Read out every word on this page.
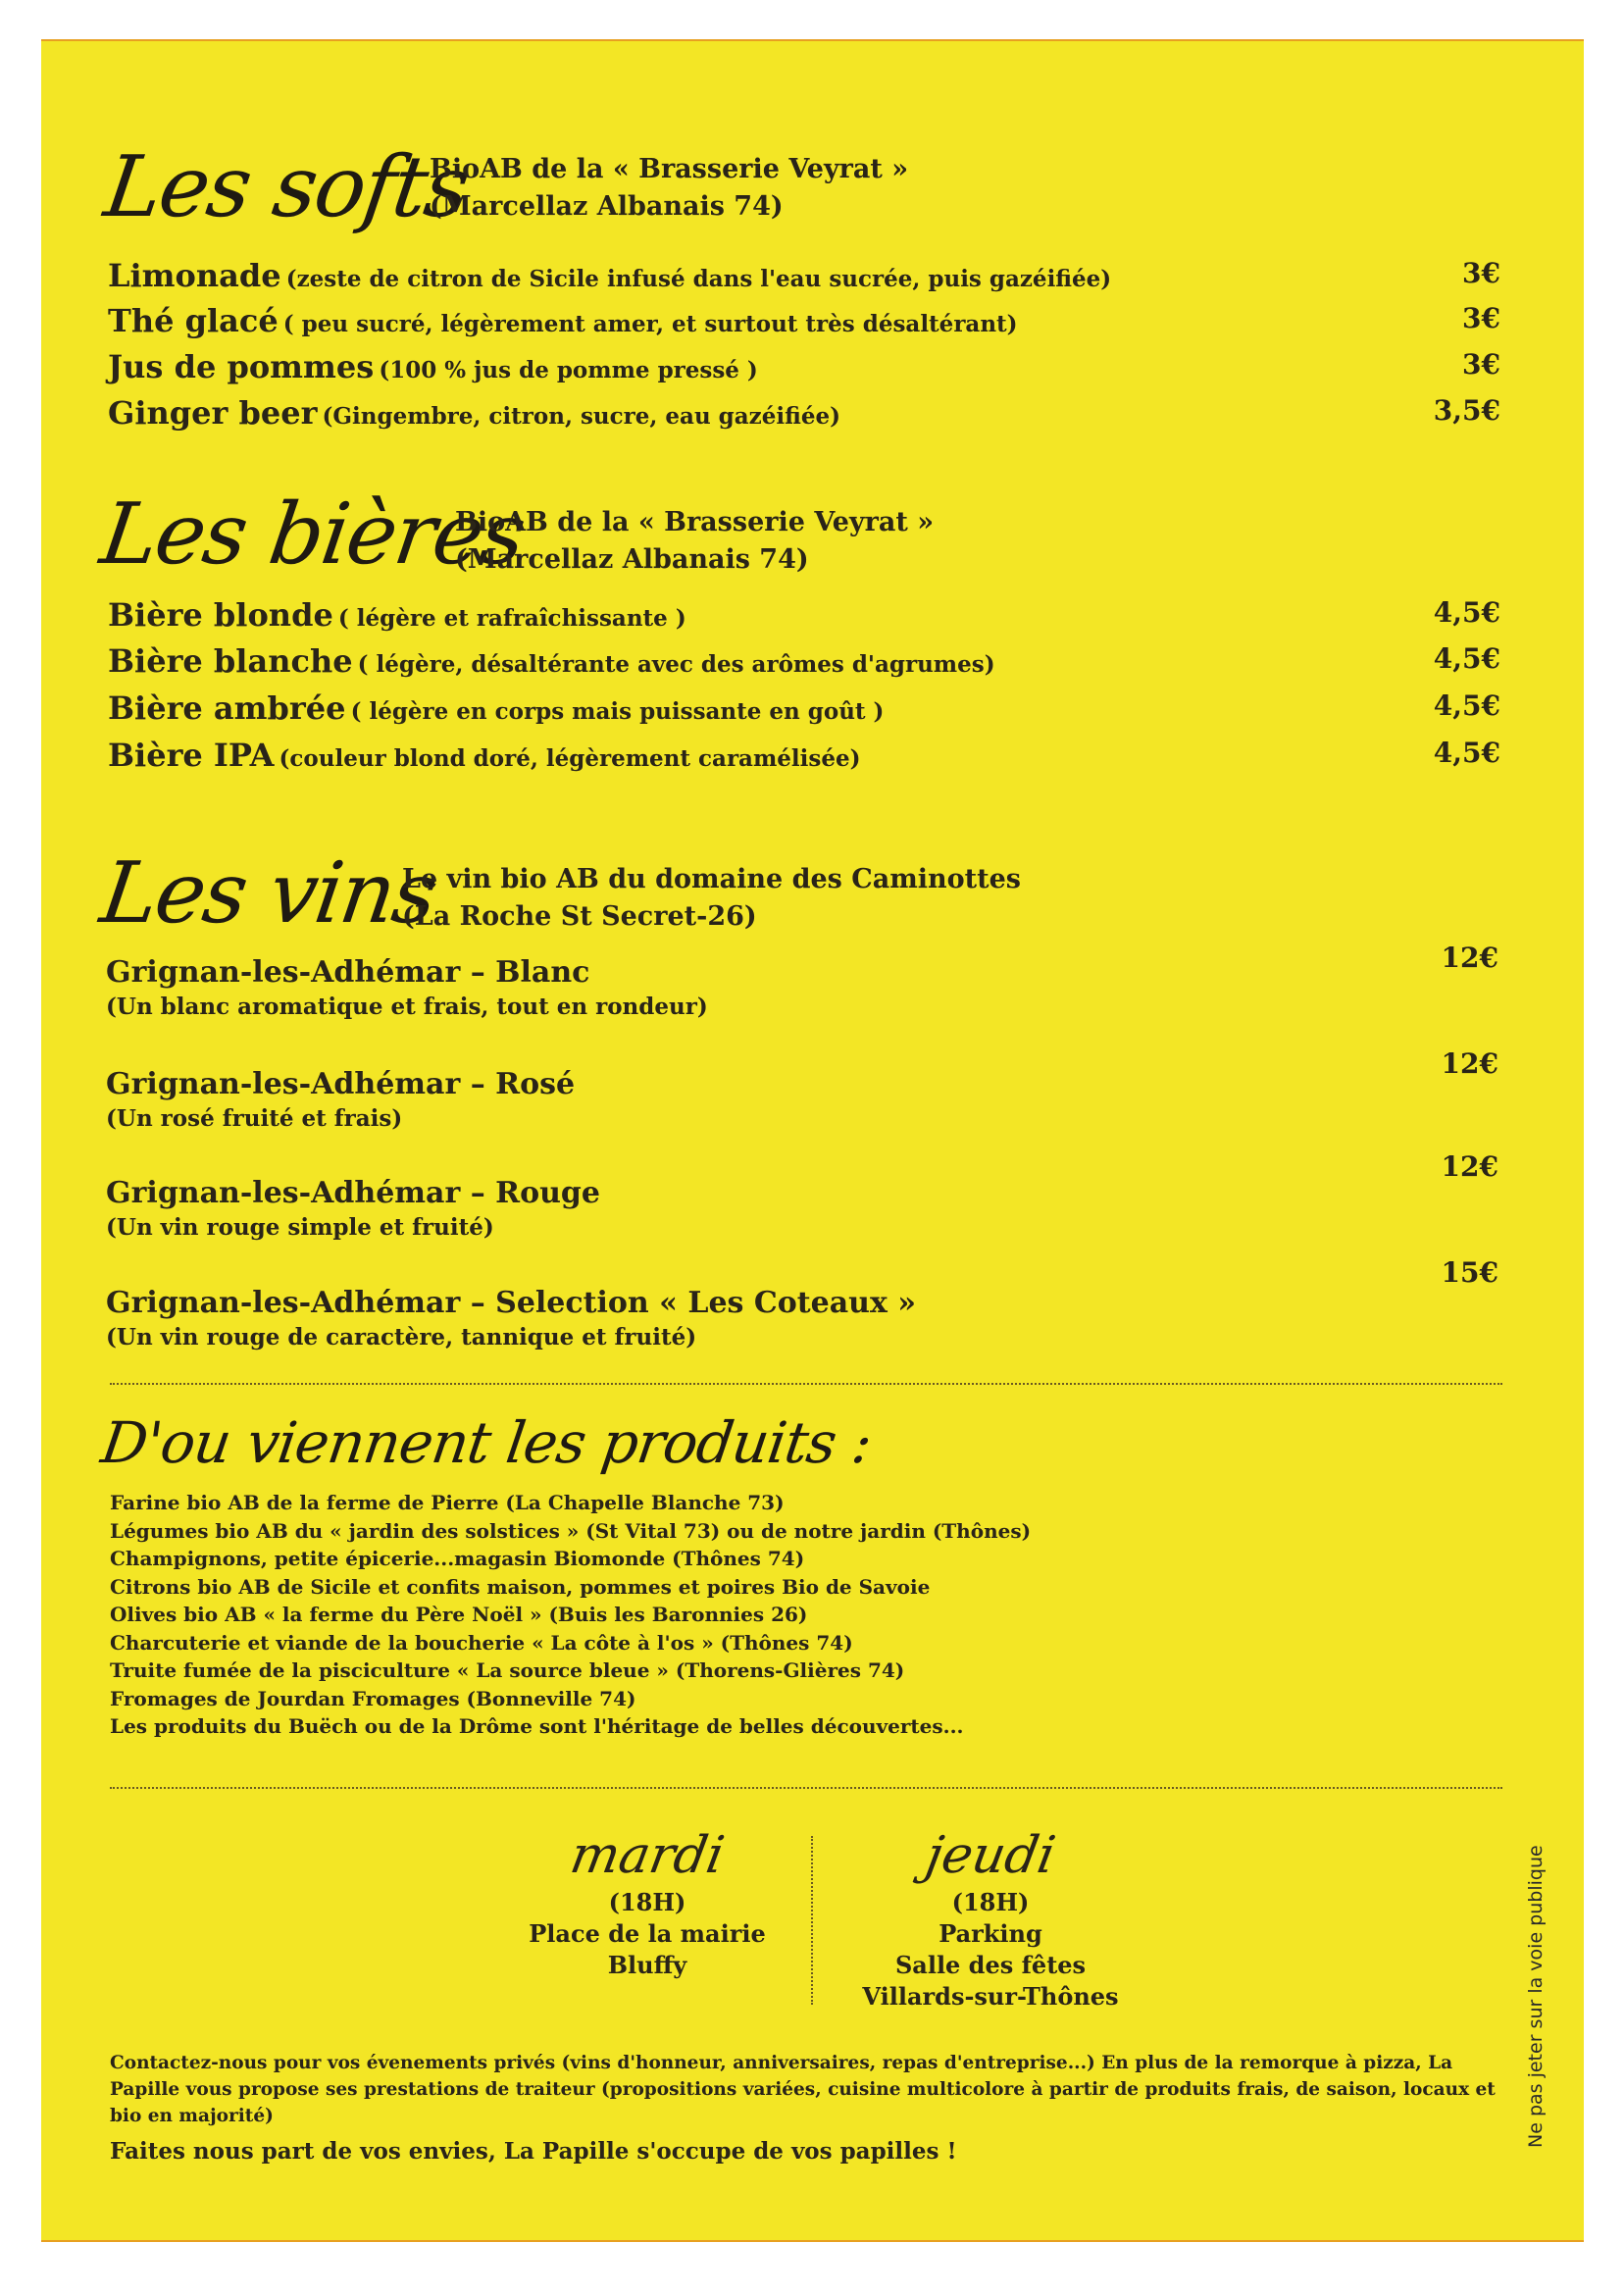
Les softs
BioAB de la « Brasserie Veyrat »
(Marcellaz Albanais 74)
Limonade (zeste de citron de Sicile infusé dans l'eau sucrée, puis gazéifiée)	3€
Thé glacé ( peu sucré, légèrement amer, et surtout très désaltérant)	3€
Jus de pommes (100 % jus de pomme pressé )	3€
Ginger beer (Gingembre, citron, sucre, eau gazéifiée)	3,5€
Les bières
BioAB de la « Brasserie Veyrat »
(Marcellaz Albanais 74)
Bière blonde ( légère et rafraîchissante )	4,5€
Bière blanche ( légère, désaltérante avec des arômes d'agrumes)	4,5€
Bière ambrée ( légère en corps mais puissante en goût )	4,5€
Bière IPA (couleur blond doré, légèrement caramélisée)	4,5€
Les vins
Le vin bio AB du domaine des Caminottes
(La Roche St Secret-26)
Grignan-les-Adhémar – Blanc
(Un blanc aromatique et frais, tout en rondeur)
12€
Grignan-les-Adhémar – Rosé
(Un rosé fruité et frais)
12€
Grignan-les-Adhémar – Rouge
(Un vin rouge simple et fruité)
12€
Grignan-les-Adhémar – Selection « Les Coteaux »
(Un vin rouge de caractère, tannique et fruité)
15€
D'ou viennent les produits :
Farine bio AB de la ferme de Pierre (La Chapelle Blanche 73)
Légumes bio AB du « jardin des solstices » (St Vital 73) ou de notre jardin (Thônes)
Champignons, petite épicerie...magasin Biomonde (Thônes 74)
Citrons bio AB de Sicile et confits maison, pommes et poires Bio de Savoie
Olives bio AB « la ferme du Père Noël » (Buis les Baronnies 26)
Charcuterie et viande de la boucherie « La côte à l'os » (Thônes 74)
Truite fumée de la pisciculture « La source bleue » (Thorens-Glières 74)
Fromages de Jourdan Fromages (Bonneville 74)
Les produits du Buëch ou de la Drôme sont l'héritage de belles découvertes...
mardi
(18H)
Place de la mairie
Bluffy
jeudi
(18H)
Parking
Salle des fêtes
Villards-sur-Thônes
Contactez-nous pour vos évenements privés (vins d'honneur, anniversaires, repas d'entreprise...) En plus de la remorque à pizza, La Papille vous propose ses prestations de traiteur (propositions variées, cuisine multicolore à partir de produits frais, de saison, locaux et bio en majorité)
Faites nous part de vos envies, La Papille s'occupe de vos papilles !
Ne pas jeter sur la voie publique
